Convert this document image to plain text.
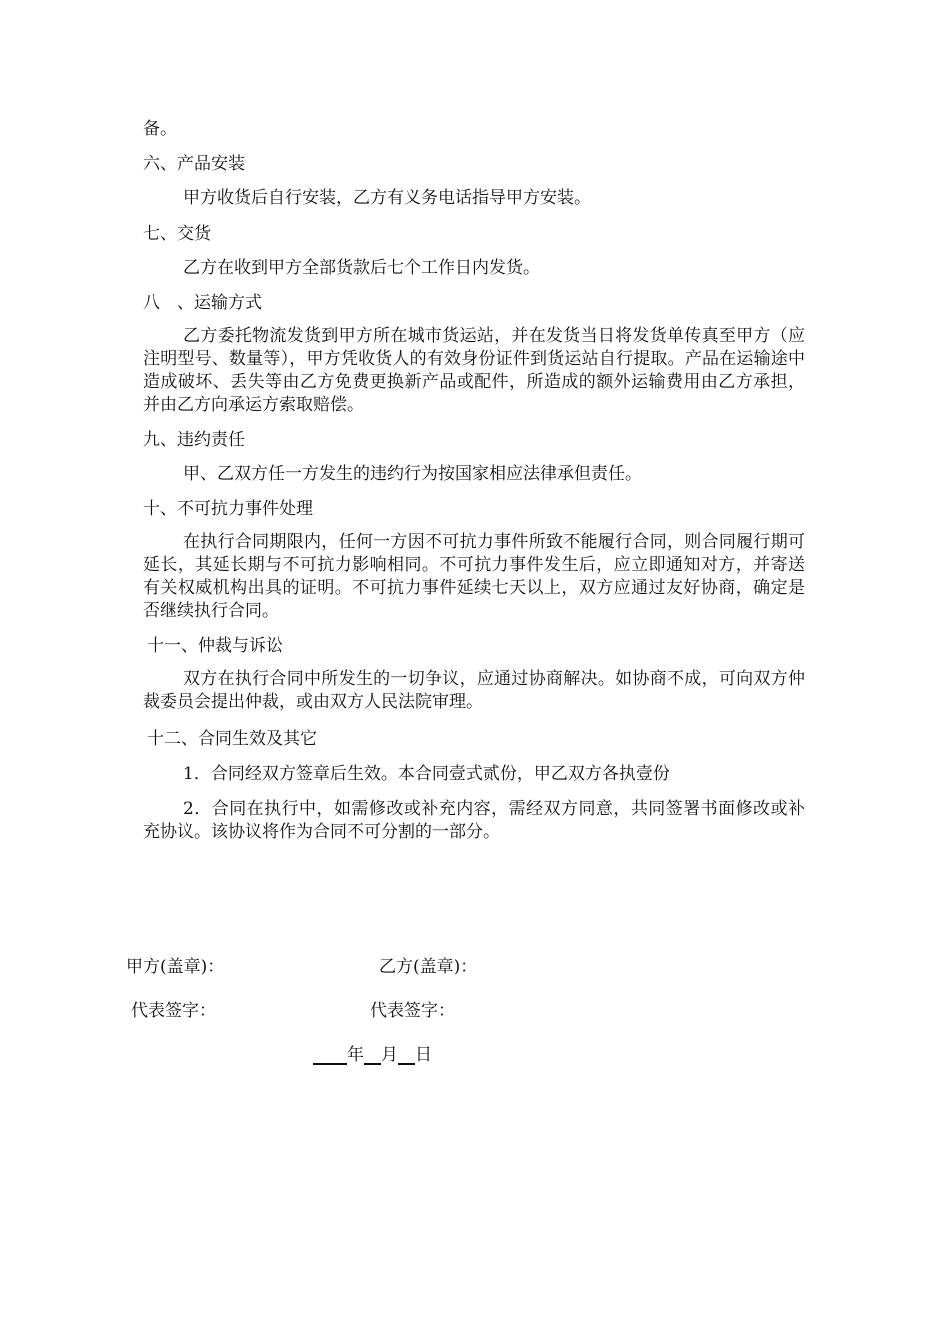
备。
六、产品安装
甲方收货后自行安装，乙方有义务电话指导甲方安装。
七、交货
乙方在收到甲方全部货款后七个工作日内发货。
八　、运输方式
乙方委托物流发货到甲方所在城市货运站，并在发货当日将发货单传真至甲方（应注明型号、数量等），甲方凭收货人的有效身份证件到货运站自行提取。产品在运输途中造成破坏、丢失等由乙方免费更换新产品或配件，所造成的额外运输费用由乙方承担，并由乙方向承运方索取赔偿。
九、违约责任
甲、乙双方任一方发生的违约行为按国家相应法律承但责任。
十、不可抗力事件处理
在执行合同期限内，任何一方因不可抗力事件所致不能履行合同，则合同履行期可延长，其延长期与不可抗力影响相同。不可抗力事件发生后，应立即通知对方，并寄送有关权威机构出具的证明。不可抗力事件延续七天以上，双方应通过友好协商，确定是否继续执行合同。
十一、仲裁与诉讼
双方在执行合同中所发生的一切争议，应通过协商解决。如协商不成，可向双方仲裁委员会提出仲裁，或由双方人民法院审理。
十二、合同生效及其它
1．合同经双方签章后生效。本合同壹式贰份，甲乙双方各执壹份
2．合同在执行中，如需修改或补充内容，需经双方同意，共同签署书面修改或补充协议。该协议将作为合同不可分割的一部分。
甲方(盖章)：	乙方(盖章)：
代表签字：	代表签字：
____年__月__日
